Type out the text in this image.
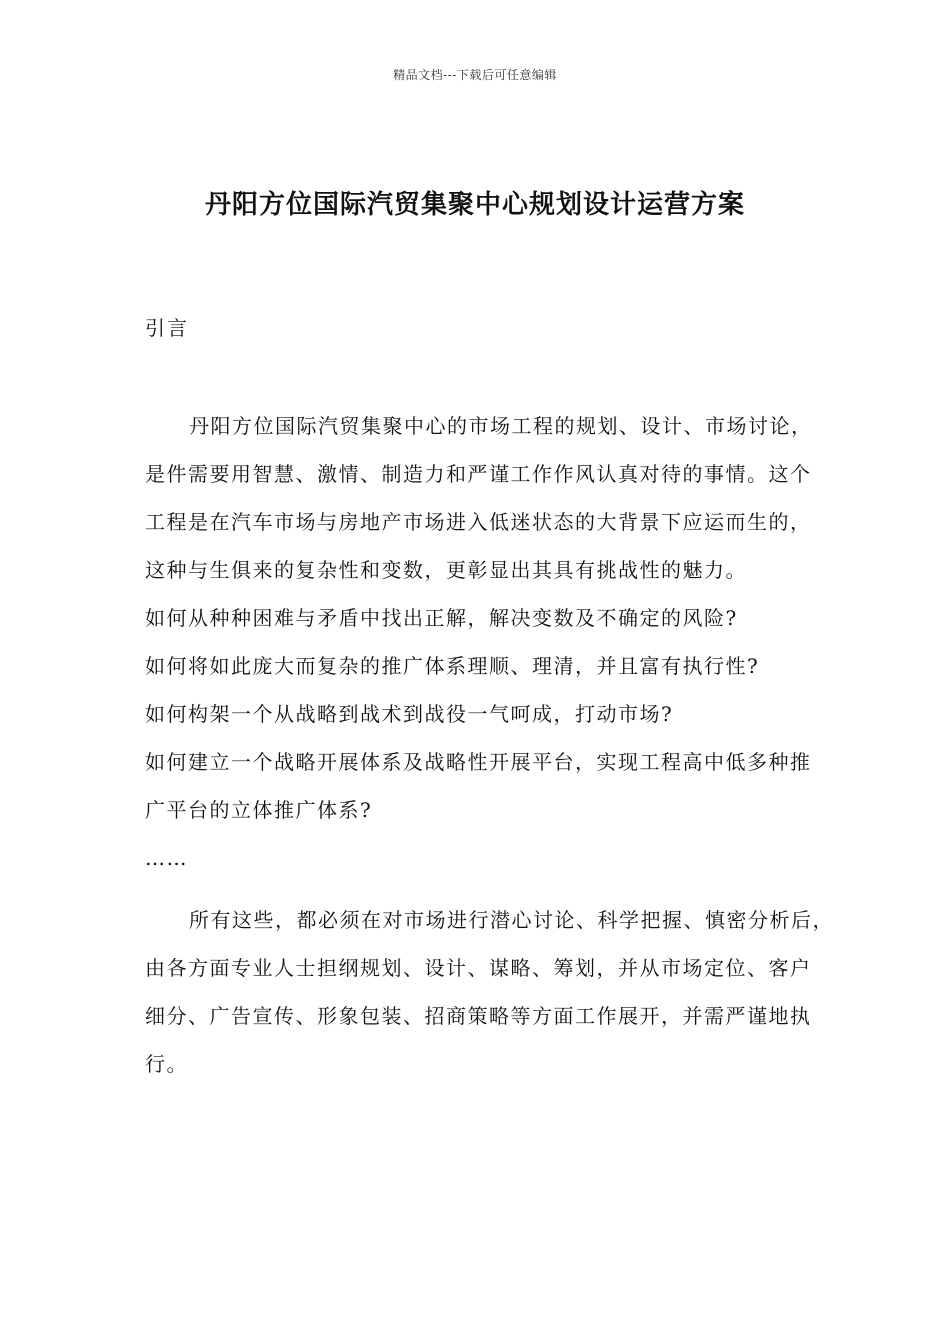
精品文档---下载后可任意编辑
丹阳方位国际汽贸集聚中心规划设计运营方案
引言
丹阳方位国际汽贸集聚中心的市场工程的规划、设计、市场讨论，
是件需要用智慧、激情、制造力和严谨工作作风认真对待的事情。这个
工程是在汽车市场与房地产市场进入低迷状态的大背景下应运而生的，
这种与生俱来的复杂性和变数，更彰显出其具有挑战性的魅力。
如何从种种困难与矛盾中找出正解，解决变数及不确定的风险?
如何将如此庞大而复杂的推广体系理顺、理清，并且富有执行性?
如何构架一个从战略到战术到战役一气呵成，打动市场?
如何建立一个战略开展体系及战略性开展平台，实现工程高中低多种推
广平台的立体推广体系?
……
所有这些，都必须在对市场进行潜心讨论、科学把握、慎密分析后，
由各方面专业人士担纲规划、设计、谋略、筹划，并从市场定位、客户
细分、广告宣传、形象包装、招商策略等方面工作展开，并需严谨地执
行。
